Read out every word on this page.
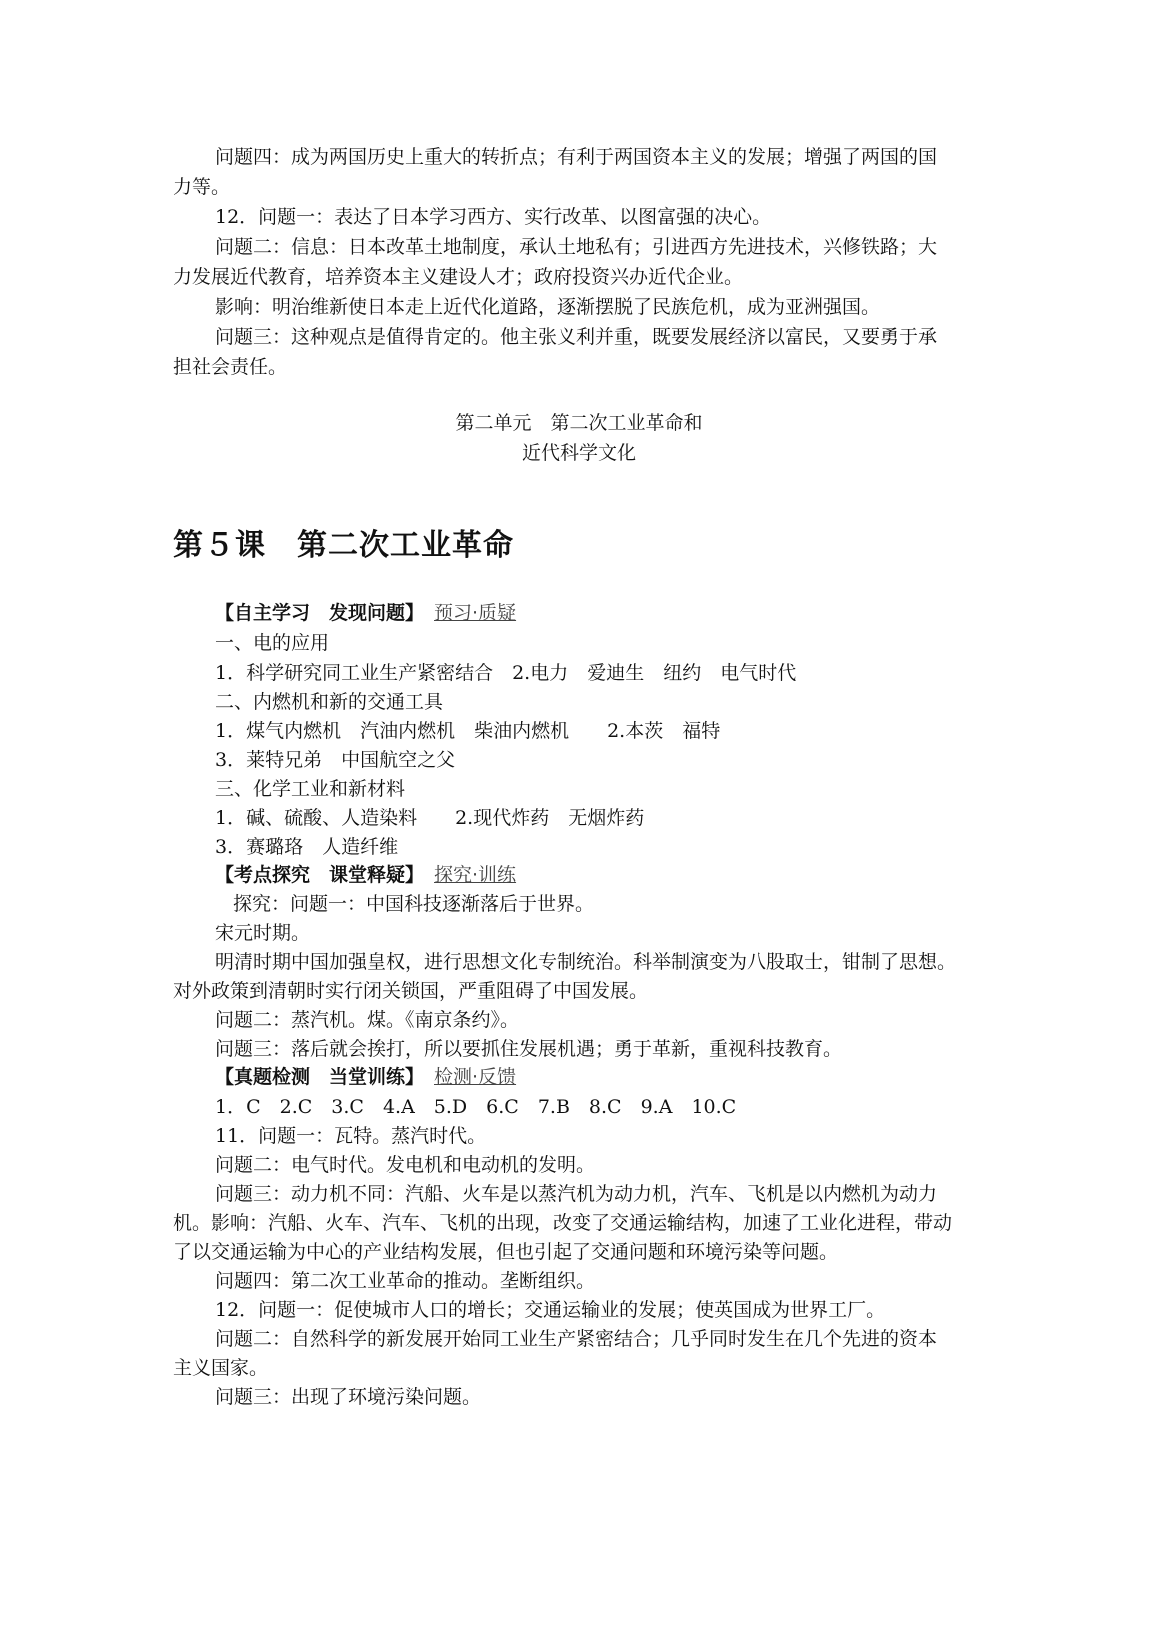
问题四：成为两国历史上重大的转折点；有利于两国资本主义的发展；增强了两国的国
力等。
12．问题一：表达了日本学习西方、实行改革、以图富强的决心。
问题二：信息：日本改革土地制度，承认土地私有；引进西方先进技术，兴修铁路；大
力发展近代教育，培养资本主义建设人才；政府投资兴办近代企业。
影响：明治维新使日本走上近代化道路，逐渐摆脱了民族危机，成为亚洲强国。
问题三：这种观点是值得肯定的。他主张义利并重，既要发展经济以富民，又要勇于承
担社会责任。
第二单元　第二次工业革命和
近代科学文化
第５课　第二次工业革命
【自主学习　发现问题】 预习·质疑
一、电的应用
1．科学研究同工业生产紧密结合　2.电力　爱迪生　纽约　电气时代
二、内燃机和新的交通工具
1．煤气内燃机　汽油内燃机　柴油内燃机　　2.本茨　福特
3．莱特兄弟　中国航空之父
三、化学工业和新材料
1．碱、硫酸、人造染料　　2.现代炸药　无烟炸药
3．赛璐珞　人造纤维
【考点探究　课堂释疑】 探究·训练
探究：问题一：中国科技逐渐落后于世界。
宋元时期。
明清时期中国加强皇权，进行思想文化专制统治。科举制演变为八股取士，钳制了思想。
对外政策到清朝时实行闭关锁国，严重阻碍了中国发展。
问题二：蒸汽机。煤。《南京条约》。
问题三：落后就会挨打，所以要抓住发展机遇；勇于革新，重视科技教育。
【真题检测　当堂训练】 检测·反馈
1．C　2.C　3.C　4.A　5.D　6.C　7.B　8.C　9.A　10.C
11．问题一：瓦特。蒸汽时代。
问题二：电气时代。发电机和电动机的发明。
问题三：动力机不同：汽船、火车是以蒸汽机为动力机，汽车、飞机是以内燃机为动力
机。影响：汽船、火车、汽车、飞机的出现，改变了交通运输结构，加速了工业化进程，带动
了以交通运输为中心的产业结构发展，但也引起了交通问题和环境污染等问题。
问题四：第二次工业革命的推动。垄断组织。
12．问题一：促使城市人口的增长；交通运输业的发展；使英国成为世界工厂。
问题二：自然科学的新发展开始同工业生产紧密结合；几乎同时发生在几个先进的资本
主义国家。
问题三：出现了环境污染问题。
